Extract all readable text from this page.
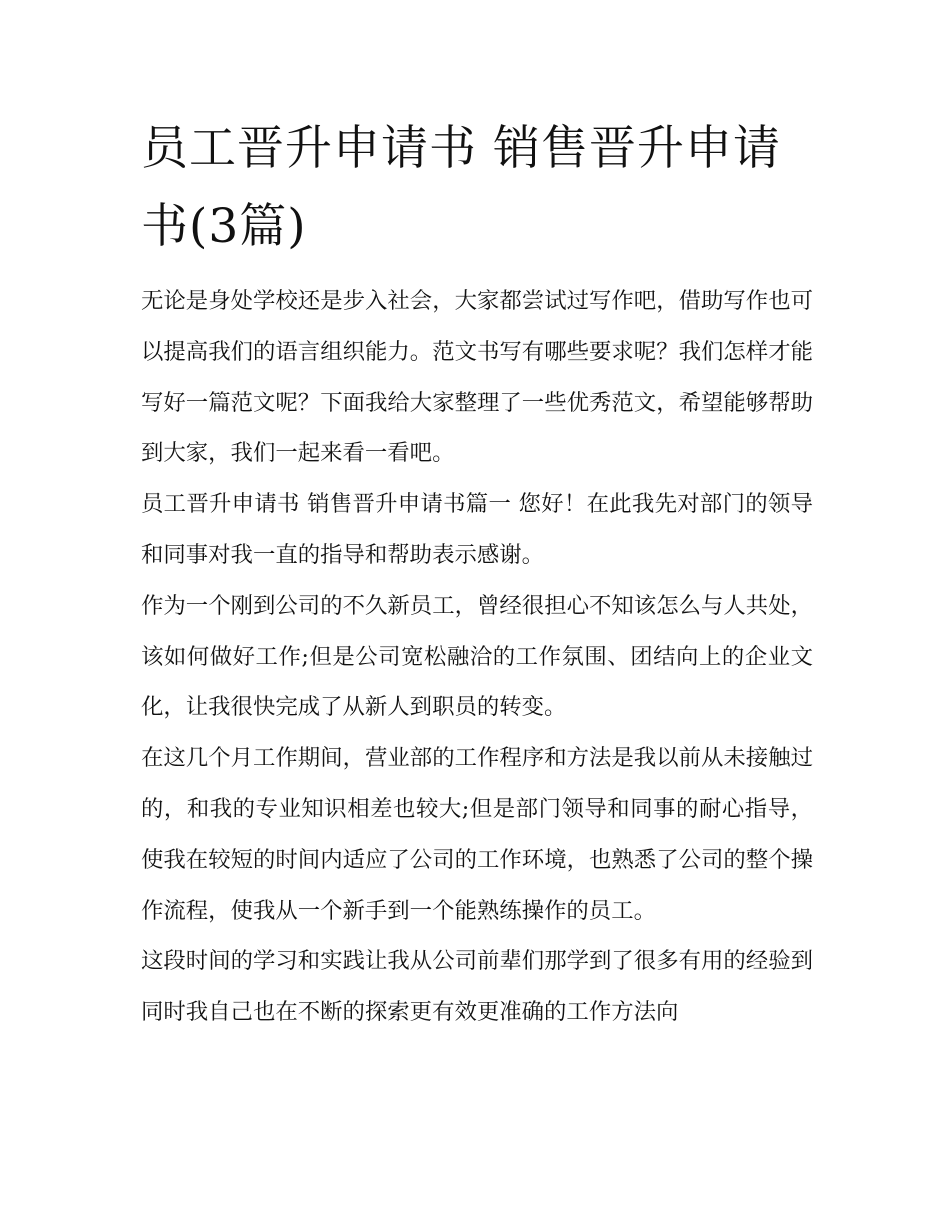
员工晋升申请书 销售晋升申请书(3篇)

无论是身处学校还是步入社会，大家都尝试过写作吧，借助写作也可以提高我们的语言组织能力。范文书写有哪些要求呢？我们怎样才能写好一篇范文呢？下面我给大家整理了一些优秀范文，希望能够帮助到大家，我们一起来看一看吧。

员工晋升申请书 销售晋升申请书篇一 您好！在此我先对部门的领导和同事对我一直的指导和帮助表示感谢。

作为一个刚到公司的不久新员工，曾经很担心不知该怎么与人共处，该如何做好工作;但是公司宽松融洽的工作氛围、团结向上的企业文化，让我很快完成了从新人到职员的转变。

在这几个月工作期间，营业部的工作程序和方法是我以前从未接触过的，和我的专业知识相差也较大;但是部门领导和同事的耐心指导，使我在较短的时间内适应了公司的工作环境，也熟悉了公司的整个操作流程，使我从一个新手到一个能熟练操作的员工。

这段时间的学习和实践让我从公司前辈们那学到了很多有用的经验到同时我自己也在不断的探索更有效更准确的工作方法向
